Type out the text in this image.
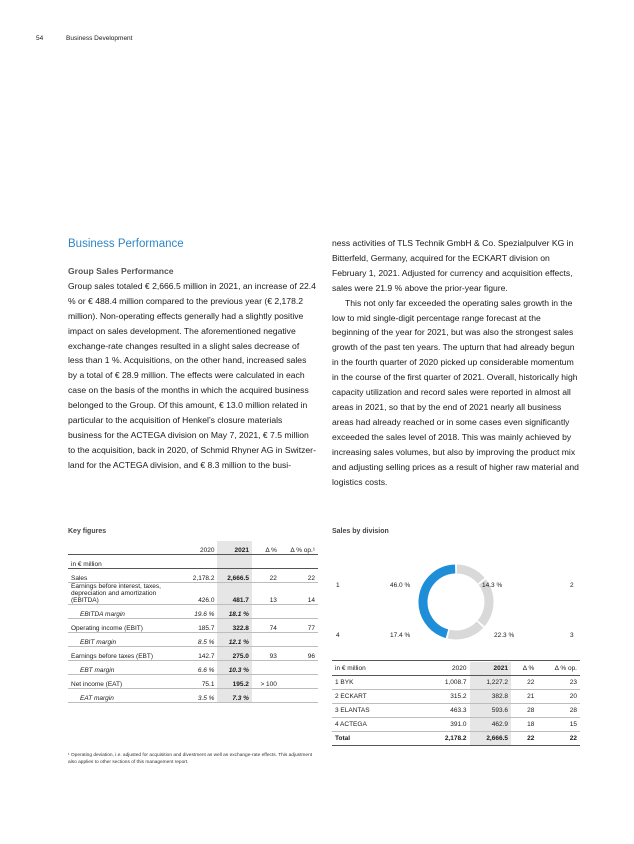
54	Business Development

Business Performance

Group Sales Performance

Group sales totaled € 2,666.5 million in 2021, an increase of 22.4 % or € 488.4 million compared to the previous year (€ 2,178.2 million). Non-operating effects generally had a slightly positive impact on sales development. The aforementioned negative exchange-rate changes resulted in a slight sales decrease of less than 1 %. Acquisitions, on the other hand, increased sales by a total of € 28.9 million. The effects were calculated in each case on the basis of the months in which the acquired business belonged to the Group. Of this amount, € 13.0 million related in particular to the acquisition of Henkel’s closure materials business for the ACTEGA division on May 7, 2021, € 7.5 million to the acquisition, back in 2020, of Schmid Rhyner AG in Switzerland for the ACTEGA division, and € 8.3 million to the busi-

ness activities of TLS Technik GmbH & Co. Spezialpulver KG in Bitterfeld, Germany, acquired for the ECKART division on February 1, 2021. Adjusted for currency and acquisition effects, sales were 21.9 % above the prior-year figure.

This not only far exceeded the operating sales growth in the low to mid single-digit percentage range forecast at the beginning of the year for 2021, but was also the strongest sales growth of the past ten years. The upturn that had already begun in the fourth quarter of 2020 picked up considerable momentum in the course of the first quarter of 2021. Overall, historically high capacity utilization and record sales were reported in almost all areas in 2021, so that by the end of 2021 nearly all business areas had already reached or in some cases even significantly exceeded the sales level of 2018. This was mainly achieved by increasing sales volumes, but also by improving the product mix and adjusting selling prices as a result of higher raw material and logistics costs.

Key figures
	2020	2021	Δ %	Δ % op.¹
in € million				
Sales	2,178.2	2,666.5	22	22
Earnings before interest, taxes, depreciation and amortization (EBITDA)	426.0	481.7	13	14
EBITDA margin	19.6 %	18.1 %		
Operating income (EBIT)	185.7	322.8	74	77
EBIT margin	8.5 %	12.1 %		
Earnings before taxes (EBT)	142.7	275.0	93	96
EBT margin	6.6 %	10.3 %		
Net income (EAT)	75.1	195.2	> 100	
EAT margin	3.5 %	7.3 %		
¹ Operating deviation, i.e. adjusted for acquisition and divestment as well as exchange-rate effects. This adjustment also applies to other sections of this management report.
Sales by division
1	46.0 %	14.3 %	2
4	17.4 %	22.3 %	3
in € million	2020	2021	Δ %	Δ % op.
1 BYK	1,008.7	1,227.2	22	23
2 ECKART	315.2	382.8	21	20
3 ELANTAS	463.3	593.6	28	28
4 ACTEGA	391.0	462.9	18	15
Total	2,178.2	2,666.5	22	22
